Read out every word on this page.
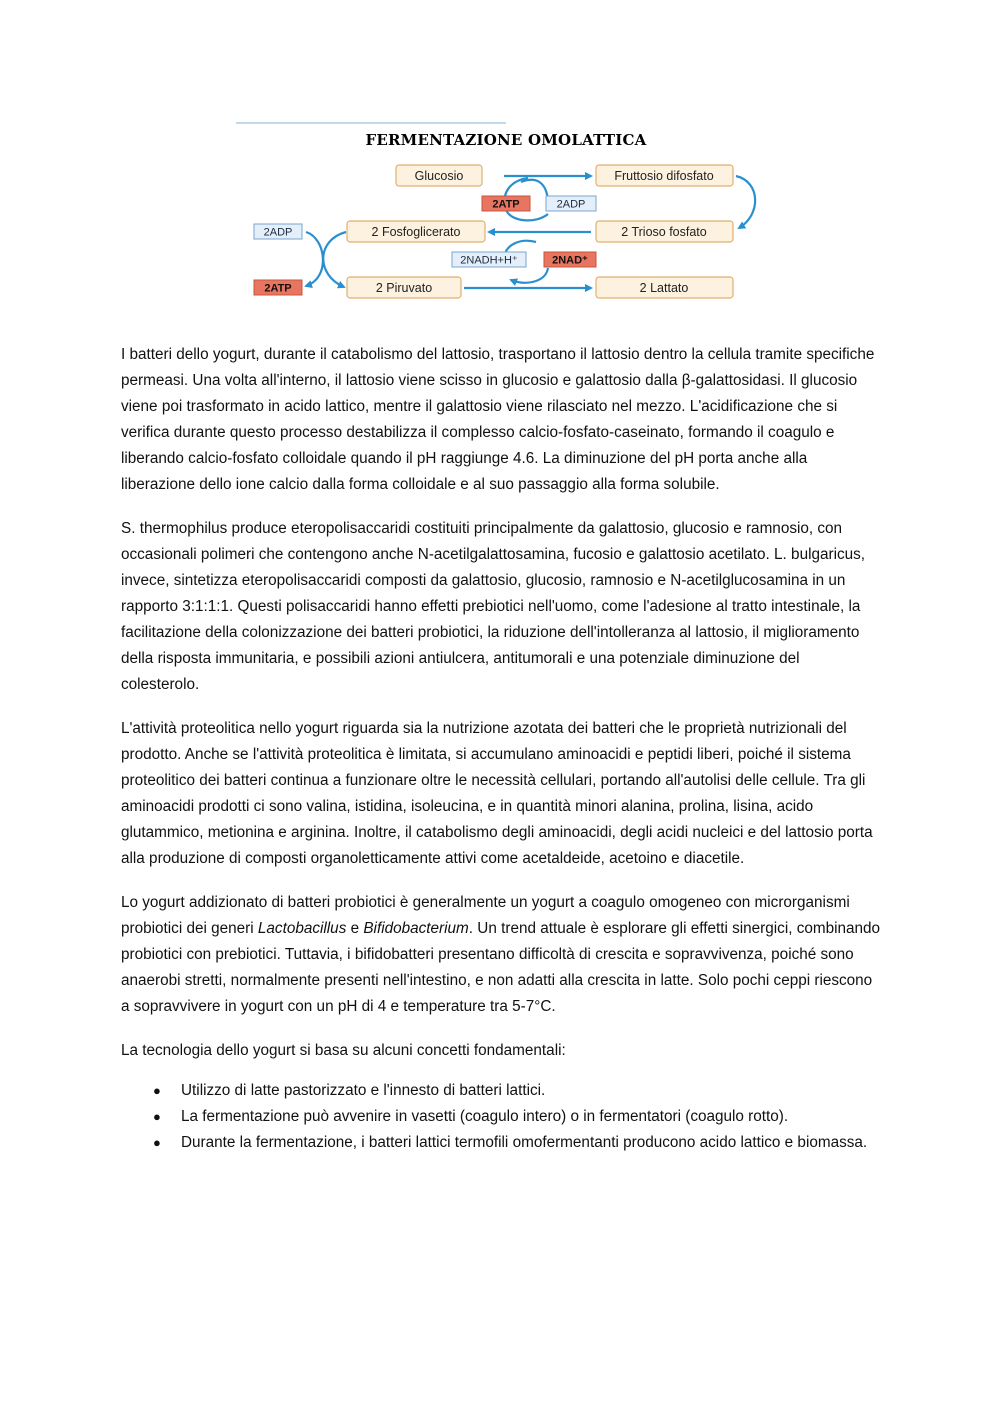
FERMENTAZIONE OMOLATTICA
Glucosio	Fruttosio difosfato
2 Fosfoglicerato	2 Trioso fosfato
2 Piruvato	2 Lattato
2ATP	2ADP
2ADP
2NADH+H⁺	2NAD⁺
2ATP

I batteri dello yogurt, durante il catabolismo del lattosio, trasportano il lattosio dentro la cellula tramite specifiche permeasi. Una volta all'interno, il lattosio viene scisso in glucosio e galattosio dalla β-galattosidasi. Il glucosio viene poi trasformato in acido lattico, mentre il galattosio viene rilasciato nel mezzo. L'acidificazione che si verifica durante questo processo destabilizza il complesso calcio-fosfato-caseinato, formando il coagulo e liberando calcio-fosfato colloidale quando il pH raggiunge 4.6. La diminuzione del pH porta anche alla liberazione dello ione calcio dalla forma colloidale e al suo passaggio alla forma solubile.

S. thermophilus produce eteropolisaccaridi costituiti principalmente da galattosio, glucosio e ramnosio, con occasionali polimeri che contengono anche N-acetilgalattosamina, fucosio e galattosio acetilato. L. bulgaricus, invece, sintetizza eteropolisaccaridi composti da galattosio, glucosio, ramnosio e N-acetilglucosamina in un rapporto 3:1:1:1. Questi polisaccaridi hanno effetti prebiotici nell'uomo, come l'adesione al tratto intestinale, la facilitazione della colonizzazione dei batteri probiotici, la riduzione dell'intolleranza al lattosio, il miglioramento della risposta immunitaria, e possibili azioni antiulcera, antitumorali e una potenziale diminuzione del colesterolo.

L'attività proteolitica nello yogurt riguarda sia la nutrizione azotata dei batteri che le proprietà nutrizionali del prodotto. Anche se l'attività proteolitica è limitata, si accumulano aminoacidi e peptidi liberi, poiché il sistema proteolitico dei batteri continua a funzionare oltre le necessità cellulari, portando all'autolisi delle cellule. Tra gli aminoacidi prodotti ci sono valina, istidina, isoleucina, e in quantità minori alanina, prolina, lisina, acido glutammico, metionina e arginina. Inoltre, il catabolismo degli aminoacidi, degli acidi nucleici e del lattosio porta alla produzione di composti organoletticamente attivi come acetaldeide, acetoino e diacetile.

Lo yogurt addizionato di batteri probiotici è generalmente un yogurt a coagulo omogeneo con microrganismi probiotici dei generi Lactobacillus e Bifidobacterium. Un trend attuale è esplorare gli effetti sinergici, combinando probiotici con prebiotici. Tuttavia, i bifidobatteri presentano difficoltà di crescita e sopravvivenza, poiché sono anaerobi stretti, normalmente presenti nell'intestino, e non adatti alla crescita in latte. Solo pochi ceppi riescono a sopravvivere in yogurt con un pH di 4 e temperature tra 5-7°C.

La tecnologia dello yogurt si basa su alcuni concetti fondamentali:

● Utilizzo di latte pastorizzato e l'innesto di batteri lattici.
● La fermentazione può avvenire in vasetti (coagulo intero) o in fermentatori (coagulo rotto).
● Durante la fermentazione, i batteri lattici termofili omofermentanti producono acido lattico e biomassa.
